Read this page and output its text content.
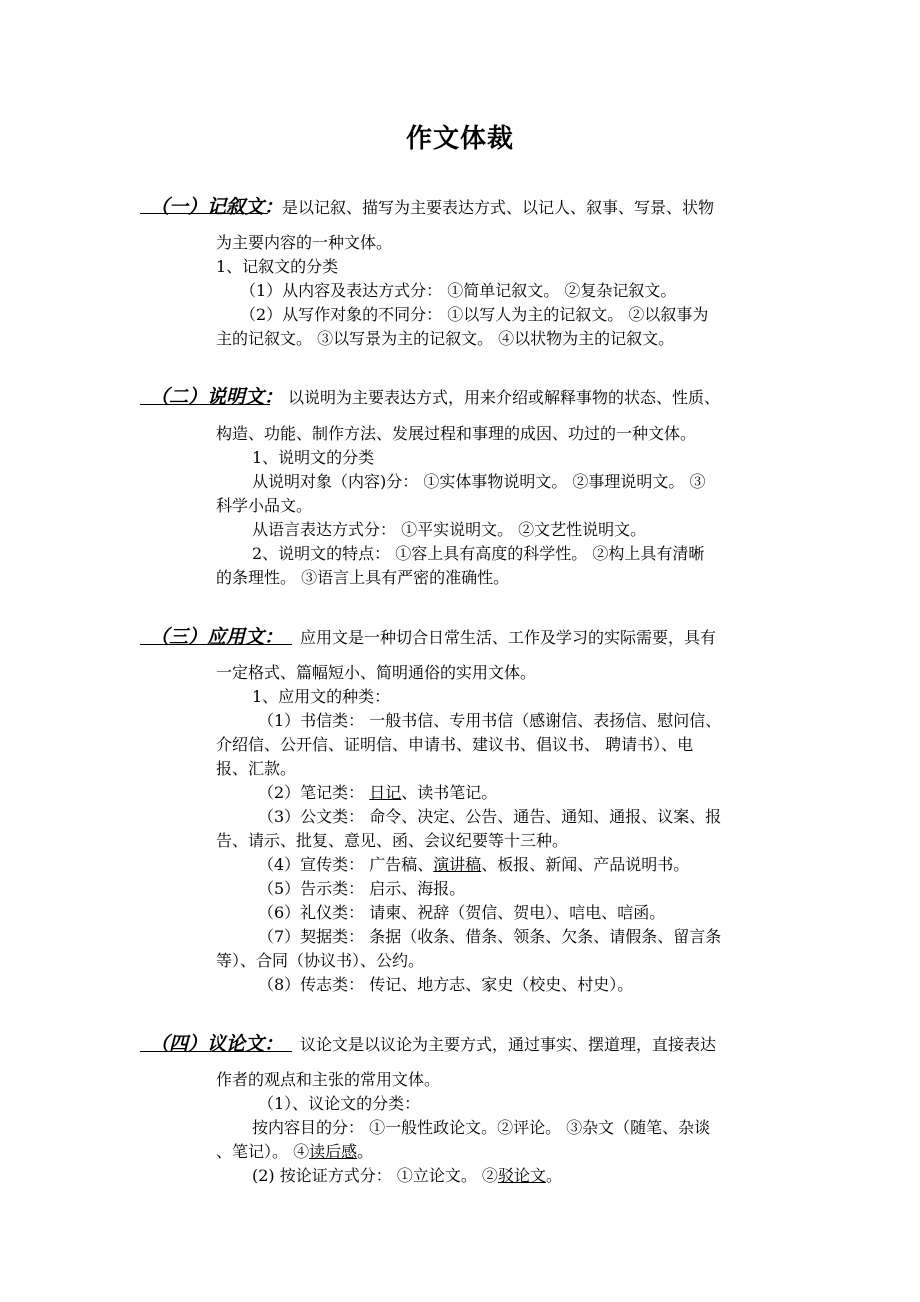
作文体裁
（一）记叙文：
是以记叙、描写为主要表达方式、以记人、叙事、写景、状物
为主要内容的一种文体。
1、记叙文的分类
（1）从内容及表达方式分： ①简单记叙文。 ②复杂记叙文。
（2）从写作对象的不同分： ①以写人为主的记叙文。 ②以叙事为
主的记叙文。 ③以写景为主的记叙文。 ④以状物为主的记叙文。
（二）说明文： 以说明为主要表达方式，用来介绍或解释事物的状态、性质、
构造、功能、制作方法、发展过程和事理的成因、功过的一种文体。
1、说明文的分类
从说明对象（内容)分： ①实体事物说明文。 ②事理说明文。 ③
科学小品文。
从语言表达方式分： ①平实说明文。 ②文艺性说明文。
2、说明文的特点： ①容上具有高度的科学性。 ②构上具有清晰
的条理性。 ③语言上具有严密的准确性。
（三）应用文： 应用文是一种切合日常生活、工作及学习的实际需要，具有
一定格式、篇幅短小、简明通俗的实用文体。
1、应用文的种类：
（1）书信类： 一般书信、专用书信（感谢信、表扬信、慰问信、
介绍信、公开信、证明信、申请书、建议书、倡议书、 聘请书）、电
报、汇款。
（2）笔记类： 日记、读书笔记。
（3）公文类： 命令、决定、公告、通告、通知、通报、议案、报
告、请示、批复、意见、函、会议纪要等十三种。
（4）宣传类： 广告稿、演讲稿、板报、新闻、产品说明书。
（5）告示类： 启示、海报。
（6）礼仪类： 请柬、祝辞（贺信、贺电）、唁电、唁函。
（7）契据类： 条据（收条、借条、领条、欠条、请假条、留言条
等）、合同（协议书）、公约。
（8）传志类： 传记、地方志、家史（校史、村史）。
（四）议论文： 议论文是以议论为主要方式，通过事实、摆道理，直接表达
作者的观点和主张的常用文体。
（1）、议论文的分类：
按内容目的分： ①一般性政论文。②评论。 ③杂文（随笔、杂谈
、笔记）。 ④读后感。
(2) 按论证方式分： ①立论文。 ②驳论文。
